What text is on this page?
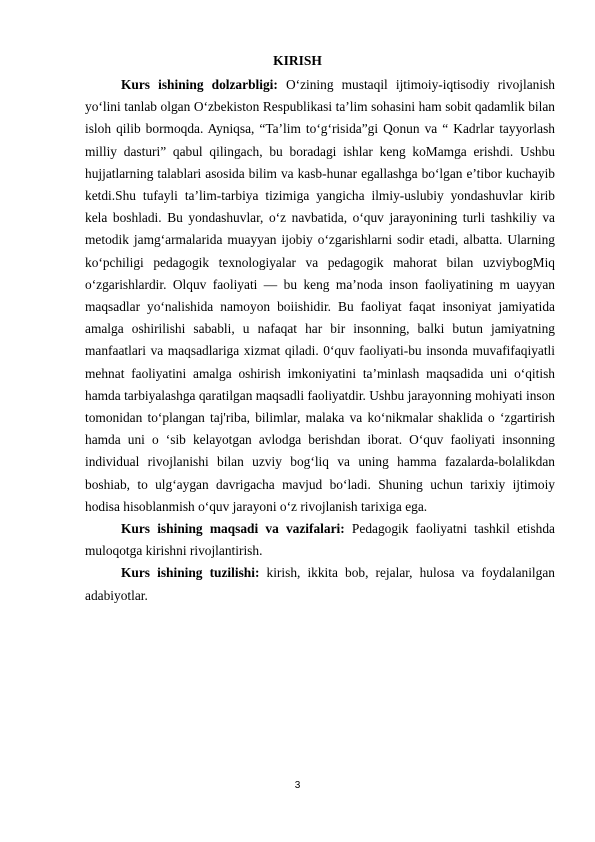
KIRISH

Kurs ishining dolzarbligi: O‘zining mustaqil ijtimoiy-iqtisodiy rivojlanish yo‘lini tanlab olgan O‘zbekiston Respublikasi ta’lim sohasini ham sobit qadamlik bilan isloh qilib bormoqda. Ayniqsa, “Ta’lim to‘g‘risida”gi Qonun va “ Kadrlar tayyorlash milliy dasturi” qabul qilingach, bu boradagi ishlar keng koMamga erishdi. Ushbu hujjatlarning talablari asosida bilim va kasb-hunar egallashga bo‘lgan e’tibor kuchayib ketdi.Shu tufayli ta’lim-tarbiya tizimiga yangicha ilmiy-uslubiy yondashuvlar kirib kela boshladi. Bu yondashuvlar, o‘z navbatida, o‘quv jarayonining turli tashkiliy va metodik jamg‘armalarida muayyan ijobiy o‘zgarishlarni sodir etadi, albatta. Ularning ko‘pchiligi pedagogik texnologiyalar va pedagogik mahorat bilan uzviybogMiq o‘zgarishlardir. Olquv faoliyati — bu keng ma’noda inson faoliyatining m uayyan maqsadlar yo‘nalishida namoyon boiishidir. Bu faoliyat faqat insoniyat jamiyatida amalga oshirilishi sababli, u nafaqat har bir insonning, balki butun jamiyatning manfaatlari va maqsadlariga xizmat qiladi. 0‘quv faoliyati-bu insonda muvafifaqiyatli mehnat faoliyatini amalga oshirish imkoniyatini ta’minlash maqsadida uni o‘qitish hamda tarbiyalashga qaratilgan maqsadli faoliyatdir. Ushbu jarayonning mohiyati inson tomonidan to‘plangan taj'riba, bilimlar, malaka va ko‘nikmalar shaklida o ‘zgartirish hamda uni o ‘sib kelayotgan avlodga berishdan iborat. O‘quv faoliyati insonning individual rivojlanishi bilan uzviy bog‘liq va uning hamma fazalarda-bolalikdan boshiab, to ulg‘aygan davrigacha mavjud bo‘ladi. Shuning uchun tarixiy ijtimoiy hodisa hisoblanmish o‘quv jarayoni o‘z rivojlanish tarixiga ega.

Kurs ishining maqsadi va vazifalari: Pedagogik faoliyatni tashkil etishda muloqotga kirishni rivojlantirish.

Kurs ishining tuzilishi: kirish, ikkita bob, rejalar, hulosa va foydalanilgan adabiyotlar.

3
